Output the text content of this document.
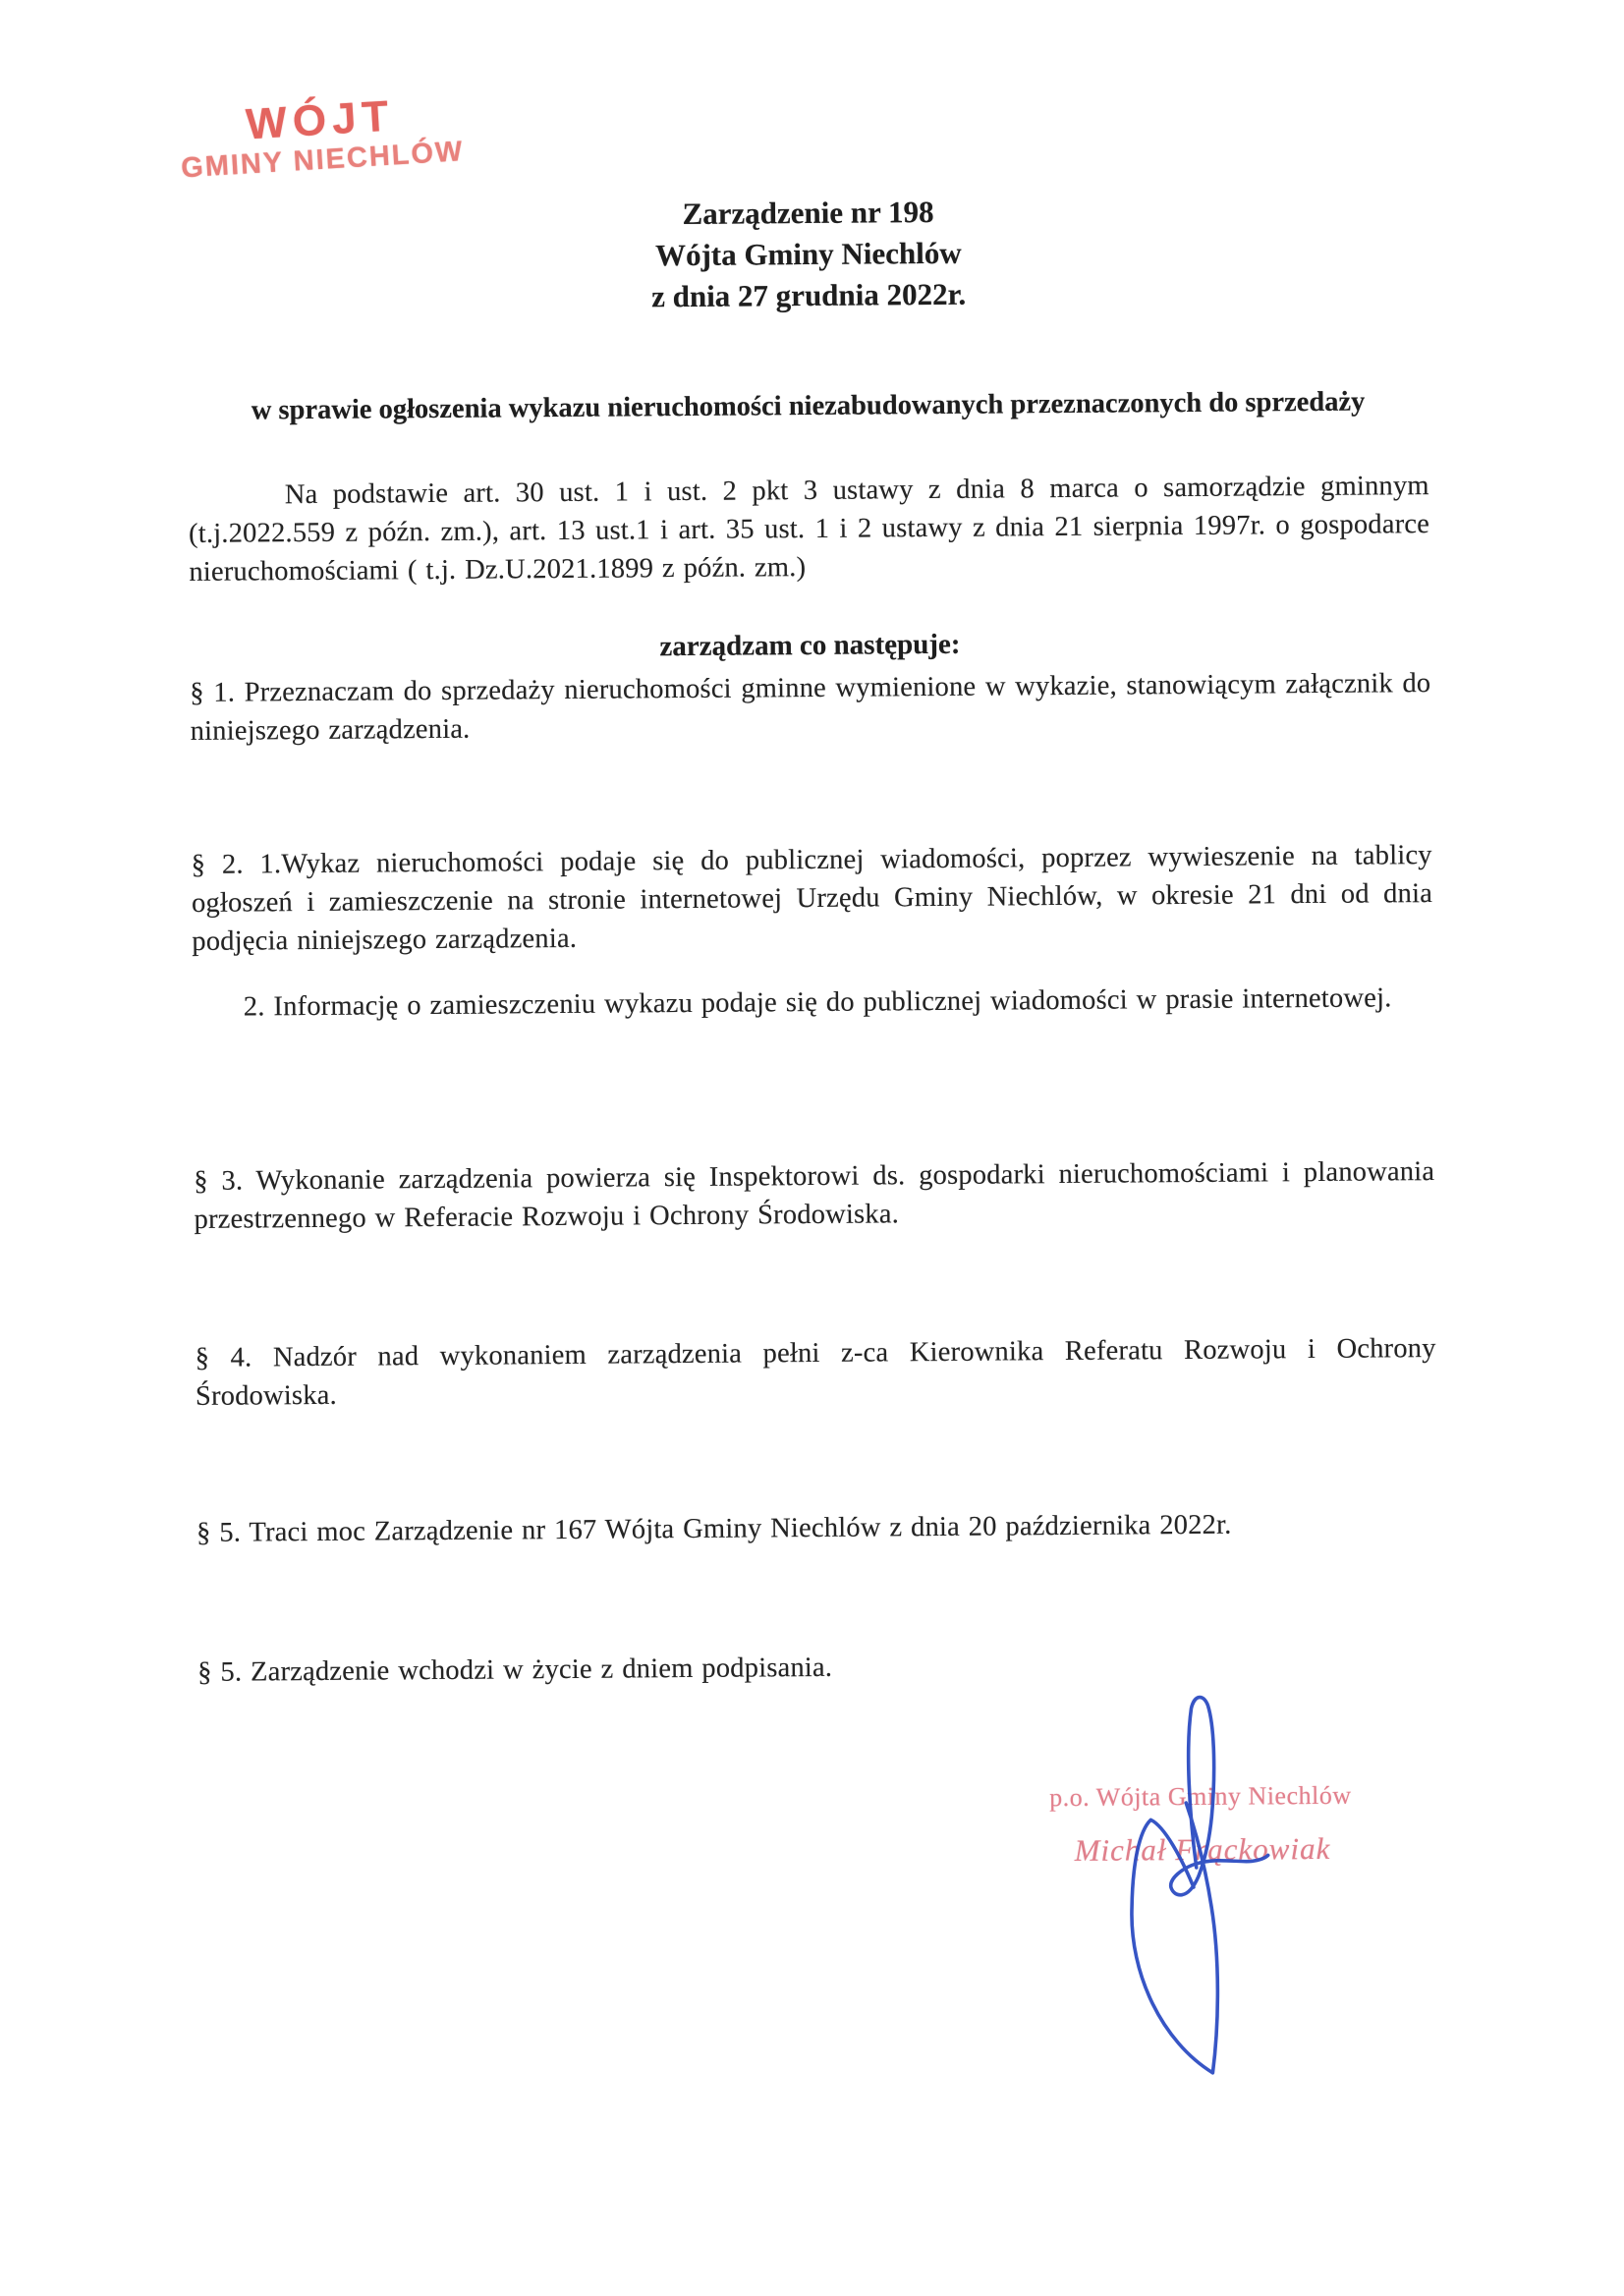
WÓJT
GMINY NIECHLÓW
Zarządzenie nr 198
Wójta Gminy Niechlów
z dnia 27 grudnia 2022r.
w sprawie ogłoszenia wykazu nieruchomości niezabudowanych przeznaczonych do sprzedaży
Na podstawie art. 30 ust. 1 i ust. 2 pkt 3 ustawy z dnia 8 marca o samorządzie gminnym (t.j.2022.559 z późn. zm.), art. 13 ust.1 i art. 35 ust. 1 i 2 ustawy z dnia 21 sierpnia 1997r. o gospodarce nieruchomościami ( t.j. Dz.U.2021.1899 z późn. zm.)
zarządzam co następuje:
§ 1. Przeznaczam do sprzedaży nieruchomości gminne wymienione w wykazie, stanowiącym załącznik do niniejszego zarządzenia.
§ 2. 1.Wykaz nieruchomości podaje się do publicznej wiadomości, poprzez wywieszenie na tablicy ogłoszeń i zamieszczenie na stronie internetowej Urzędu Gminy Niechlów, w okresie 21 dni od dnia podjęcia niniejszego zarządzenia.
2. Informację o zamieszczeniu wykazu podaje się do publicznej wiadomości w prasie internetowej.
§ 3. Wykonanie zarządzenia powierza się Inspektorowi ds. gospodarki nieruchomościami i planowania przestrzennego w Referacie Rozwoju i Ochrony Środowiska.
§ 4. Nadzór nad wykonaniem zarządzenia pełni z-ca Kierownika Referatu Rozwoju i Ochrony Środowiska.
§ 5. Traci moc Zarządzenie nr 167 Wójta Gminy Niechlów z dnia 20 października 2022r.
§ 5. Zarządzenie wchodzi w życie z dniem podpisania.
p.o. Wójta Gminy Niechlów
Michał Frąckowiak
